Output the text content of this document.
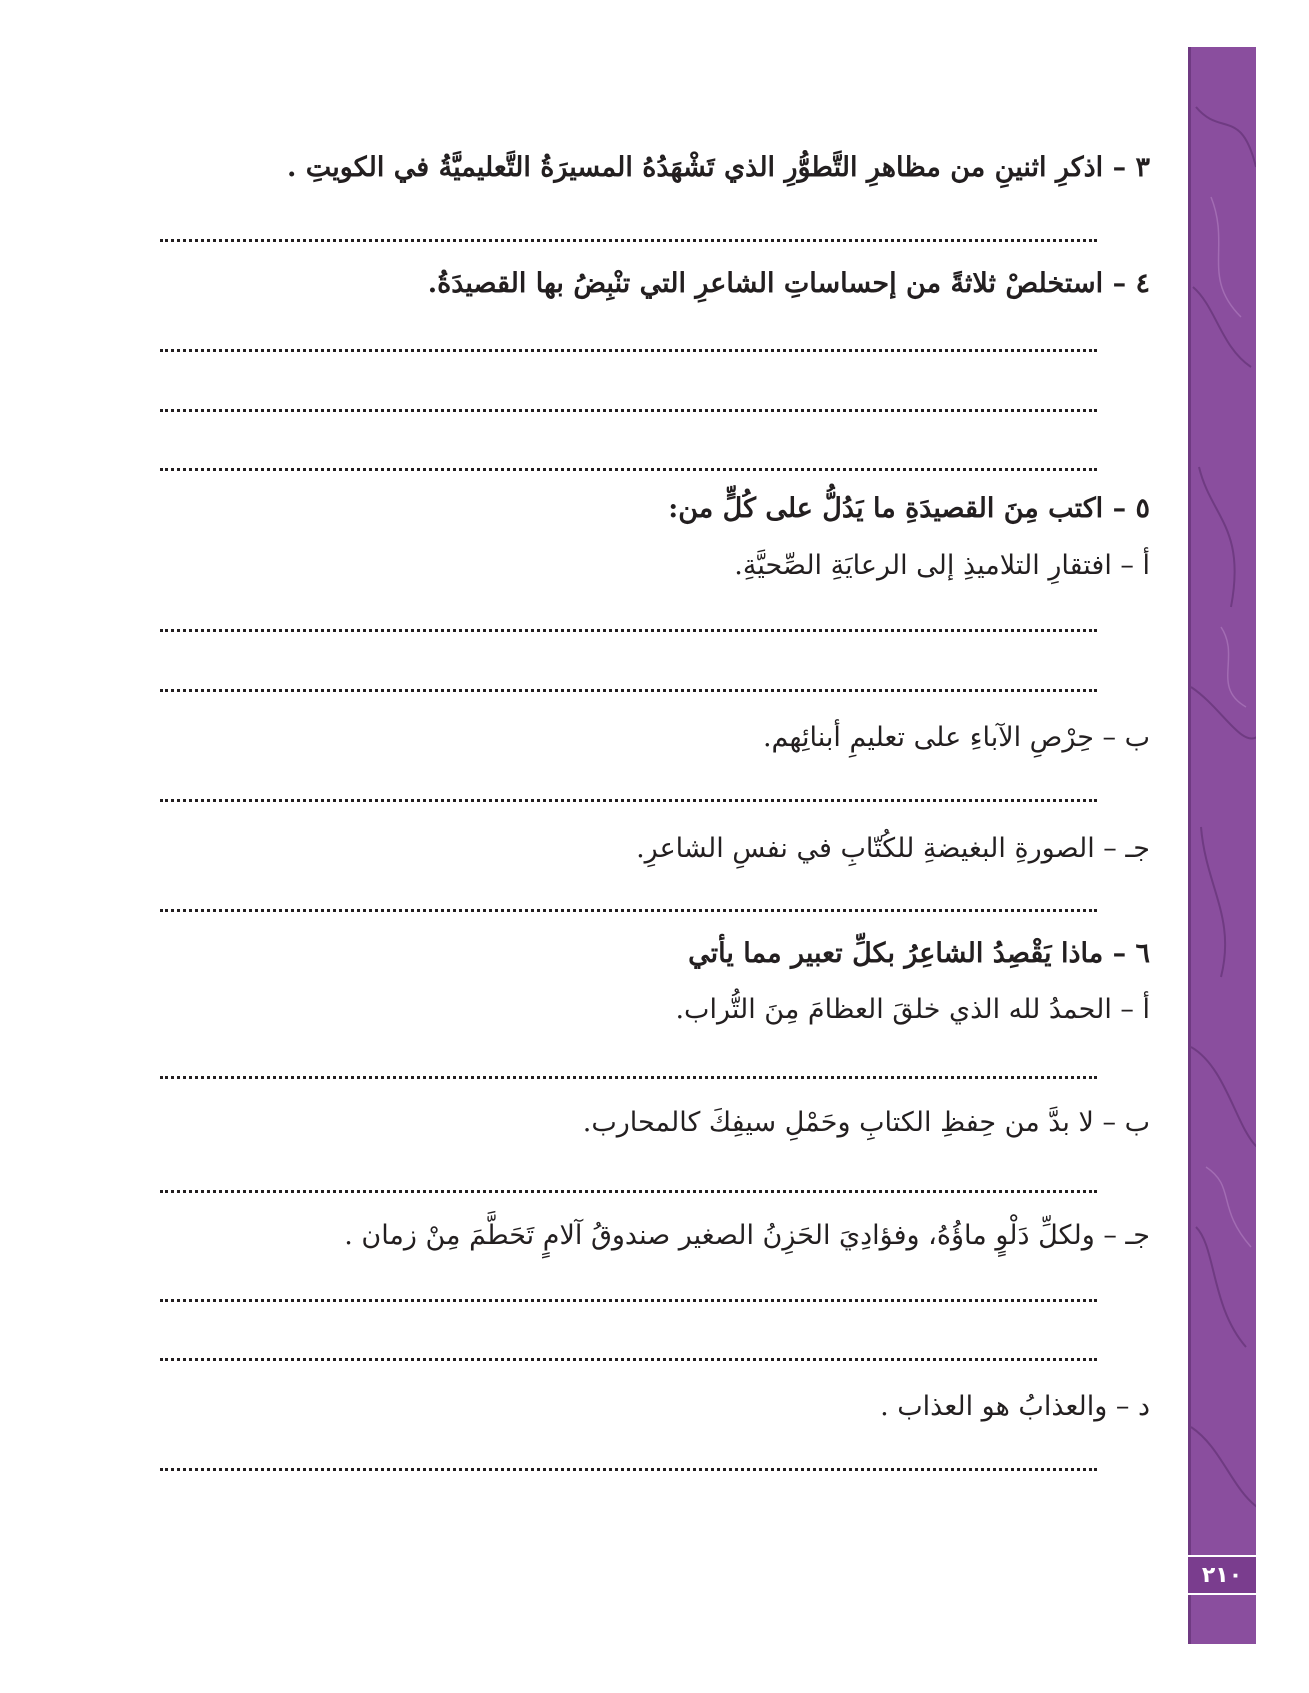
٢١٠
٣ – اذكرِ اثنينِ من مظاهرِ التَّطوُّرِ الذي تَشْهَدُهُ المسيرَةُ التَّعليميَّةُ في الكويتِ .
٤ – استخلصْ ثلاثةً من إحساساتِ الشاعرِ التي تنْبِضُ بها القصيدَةُ.
٥ – اكتب مِنَ القصيدَةِ ما يَدُلُّ على كُلٍّ من:
أ – افتقارِ التلاميذِ إلى الرعايَةِ الصِّحيَّةِ.
ب – حِرْصِ الآباءِ على تعليمِ أبنائِهم.
جـ – الصورةِ البغيضةِ للكُتّابِ في نفسِ الشاعرِ.
٦ – ماذا يَقْصِدُ الشاعِرُ بكلِّ تعبير مما يأتي
أ – الحمدُ لله الذي خلقَ العظامَ مِنَ التُّراب.
ب – لا بدَّ من حِفظِ الكتابِ وحَمْلِ سيفِكَ كالمحارب.
جـ – ولكلِّ دَلْوٍ ماؤُهُ، وفؤادِيَ الحَزِنُ الصغير صندوقُ آلامٍ تَحَطَّمَ مِنْ زمان .
د – والعذابُ هو العذاب .
